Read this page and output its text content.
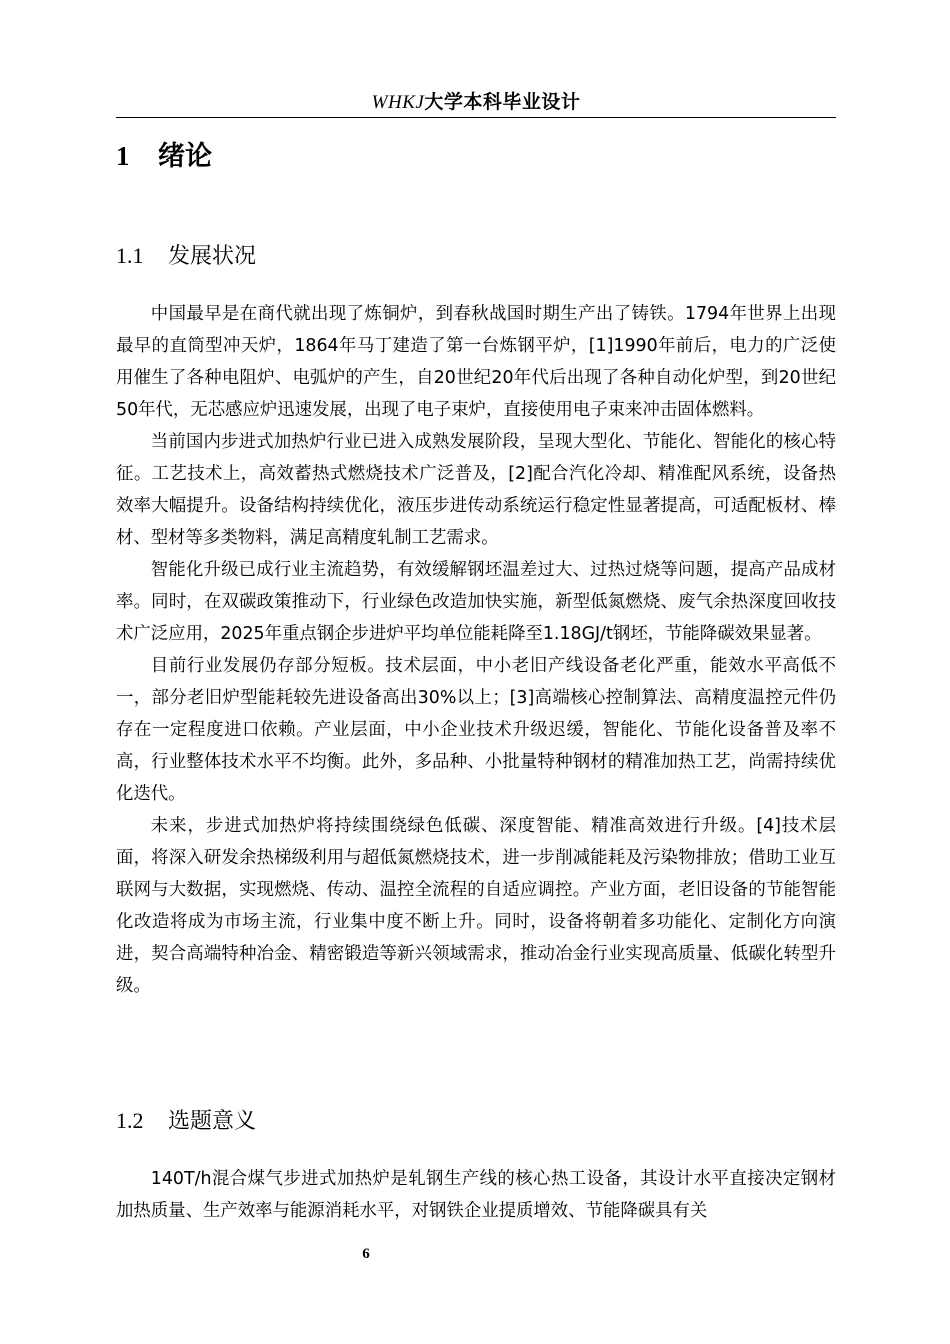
WHKJ大学本科毕业设计
1 绪论
1.1 发展状况

中国最早是在商代就出现了炼铜炉，到春秋战国时期生产出了铸铁。1794年世界上出现最早的直筒型冲天炉，1864年马丁建造了第一台炼钢平炉，[1]1990年前后，电力的广泛使用催生了各种电阻炉、电弧炉的产生，自20世纪20年代后出现了各种自动化炉型，到20世纪50年代，无芯感应炉迅速发展，出现了电子束炉，直接使用电子束来冲击固体燃料。

当前国内步进式加热炉行业已进入成熟发展阶段，呈现大型化、节能化、智能化的核心特征。工艺技术上，高效蓄热式燃烧技术广泛普及，[2]配合汽化冷却、精准配风系统，设备热效率大幅提升。设备结构持续优化，液压步进传动系统运行稳定性显著提高，可适配板材、棒材、型材等多类物料，满足高精度轧制工艺需求。

智能化升级已成行业主流趋势，有效缓解钢坯温差过大、过热过烧等问题，提高产品成材率。同时，在双碳政策推动下，行业绿色改造加快实施，新型低氮燃烧、废气余热深度回收技术广泛应用，2025年重点钢企步进炉平均单位能耗降至1.18GJ/t钢坯，节能降碳效果显著。

目前行业发展仍存部分短板。技术层面，中小老旧产线设备老化严重，能效水平高低不一，部分老旧炉型能耗较先进设备高出30%以上；[3]高端核心控制算法、高精度温控元件仍存在一定程度进口依赖。产业层面，中小企业技术升级迟缓，智能化、节能化设备普及率不高，行业整体技术水平不均衡。此外，多品种、小批量特种钢材的精准加热工艺，尚需持续优化迭代。

未来，步进式加热炉将持续围绕绿色低碳、深度智能、精准高效进行升级。[4]技术层面，将深入研发余热梯级利用与超低氮燃烧技术，进一步削减能耗及污染物排放；借助工业互联网与大数据，实现燃烧、传动、温控全流程的自适应调控。产业方面，老旧设备的节能智能化改造将成为市场主流，行业集中度不断上升。同时，设备将朝着多功能化、定制化方向演进，契合高端特种冶金、精密锻造等新兴领域需求，推动冶金行业实现高质量、低碳化转型升级。

1.2 选题意义

140T/h混合煤气步进式加热炉是轧钢生产线的核心热工设备，其设计水平直接决定钢材加热质量、生产效率与能源消耗水平，对钢铁企业提质增效、节能降碳具有关

6
